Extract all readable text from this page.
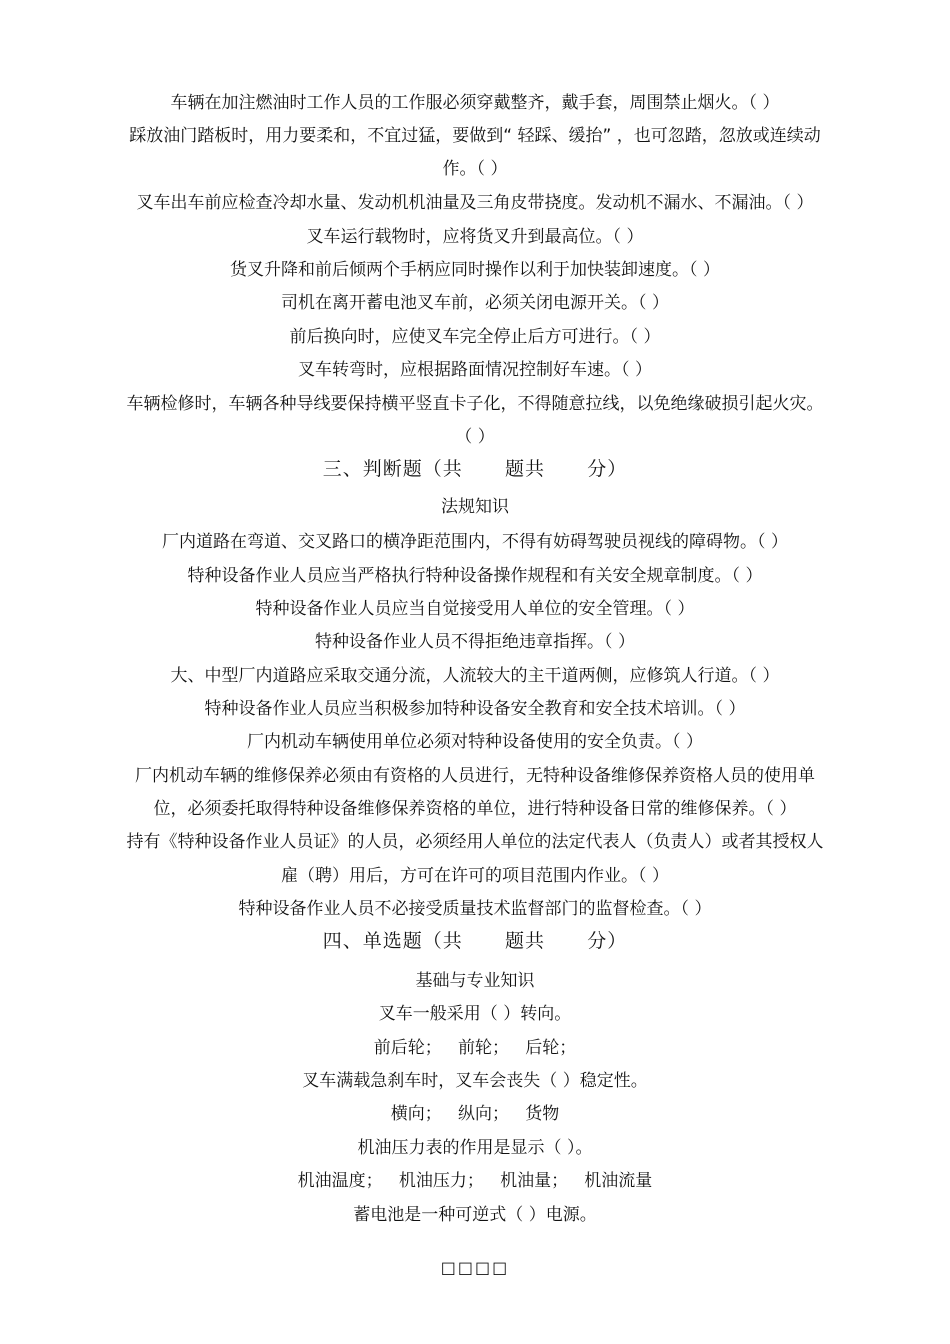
车辆在加注燃油时工作人员的工作服必须穿戴整齐，戴手套，周围禁止烟火。（ ）
踩放油门踏板时，用力要柔和，不宜过猛，要做到“ 轻踩、缓抬” ，也可忽踏，忽放或连续动
作。（ ）
叉车出车前应检查冷却水量、发动机机油量及三角皮带挠度。发动机不漏水、不漏油。（ ）
叉车运行载物时，应将货叉升到最高位。（ ）
货叉升降和前后倾两个手柄应同时操作以利于加快装卸速度。（ ）
司机在离开蓄电池叉车前，必须关闭电源开关。（ ）
前后换向时，应使叉车完全停止后方可进行。（ ）
叉车转弯时，应根据路面情况控制好车速。（ ）
车辆检修时，车辆各种导线要保持横平竖直卡子化，不得随意拉线，以免绝缘破损引起火灾。
（ ）
三、判断题（共      题共      分）
法规知识
厂内道路在弯道、交叉路口的横净距范围内，不得有妨碍驾驶员视线的障碍物。（ ）
特种设备作业人员应当严格执行特种设备操作规程和有关安全规章制度。（ ）
特种设备作业人员应当自觉接受用人单位的安全管理。（ ）
特种设备作业人员不得拒绝违章指挥。（ ）
大、中型厂内道路应采取交通分流，人流较大的主干道两侧，应修筑人行道。（ ）
特种设备作业人员应当积极参加特种设备安全教育和安全技术培训。（ ）
厂内机动车辆使用单位必须对特种设备使用的安全负责。（ ）
厂内机动车辆的维修保养必须由有资格的人员进行，无特种设备维修保养资格人员的使用单
位，必须委托取得特种设备维修保养资格的单位，进行特种设备日常的维修保养。（ ）
持有《特种设备作业人员证》的人员，必须经用人单位的法定代表人（负责人）或者其授权人
雇（聘）用后，方可在许可的项目范围内作业。（ ）
特种设备作业人员不必接受质量技术监督部门的监督检查。（ ）
四、单选题（共      题共      分）
基础与专业知识
叉车一般采用（ ）转向。
前后轮；   前轮；   后轮；
叉车满载急刹车时，叉车会丧失（ ）稳定性。
横向；   纵向；   货物
机油压力表的作用是显示（ ）。
机油温度；   机油压力；   机油量；   机油流量
蓄电池是一种可逆式（ ）电源。
□□□□
